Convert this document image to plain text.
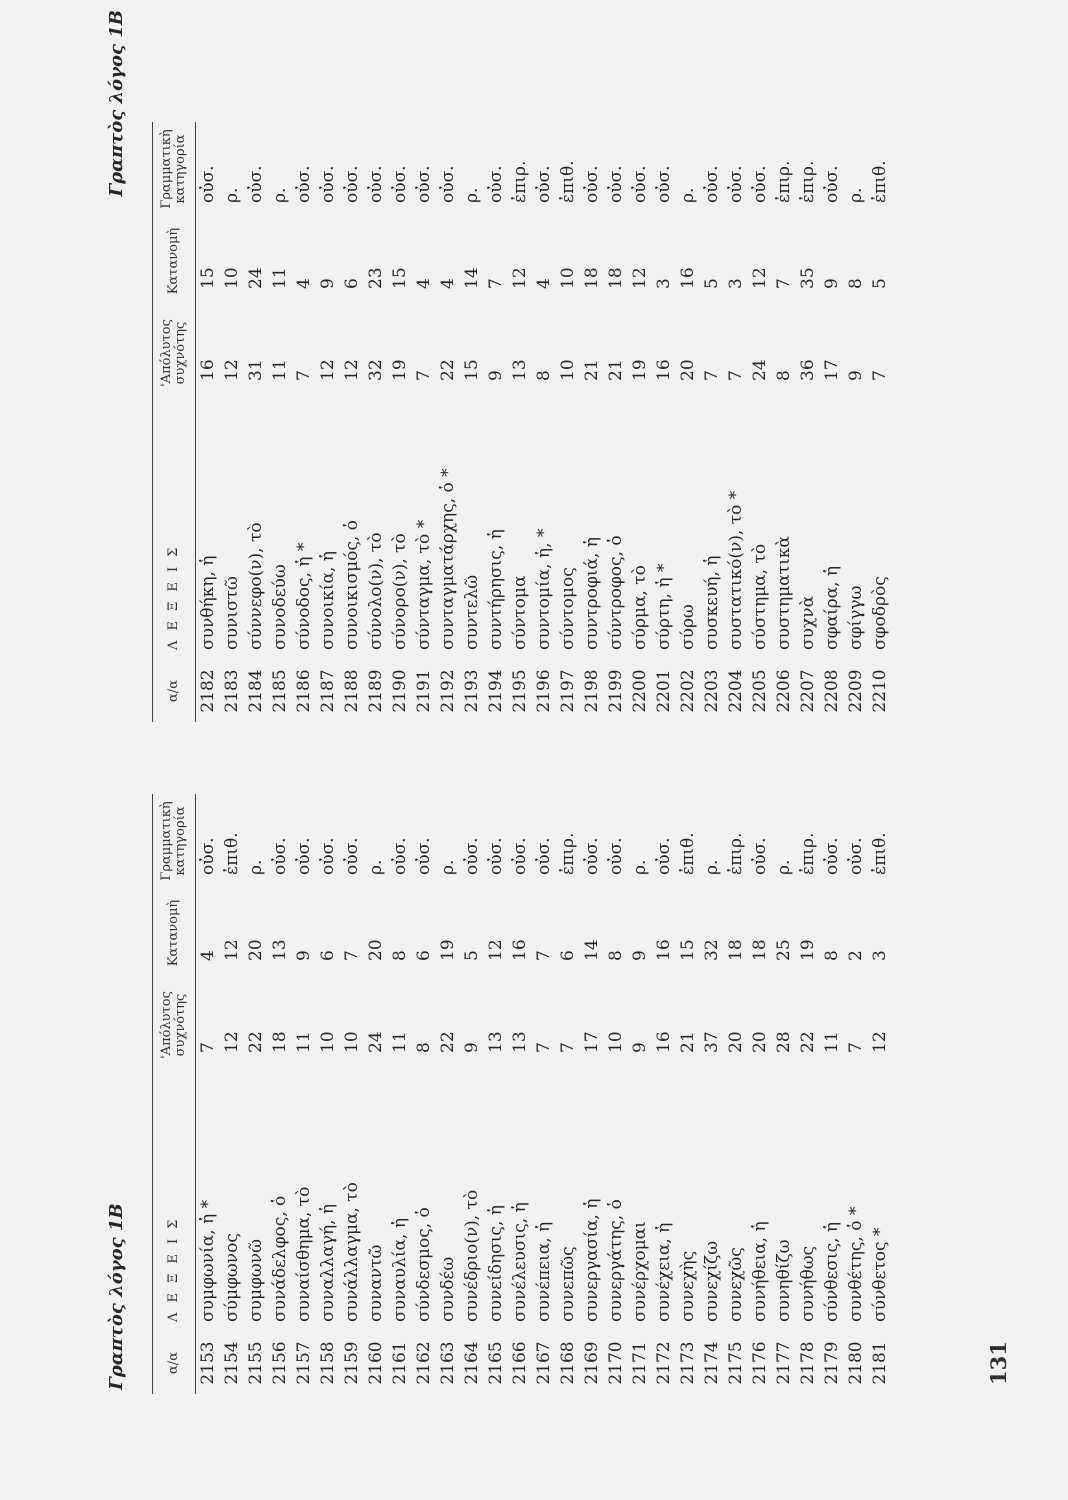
131
Γραπτὸς λόγος 1Β	α/α	Λ Ε Ξ Ε Ι Σ	'Απόλυτος συχνότης	Κατανομὴ	Γραμματικὴ κατηγορία
2153	συμφωνία, ἡ *	7	4	οὐσ.
2154	σύμφωνος	12	12	ἐπιθ.
2155	συμφωνῶ	22	20	ρ.
2156	συνάδελφος, ὁ	18	13	οὐσ.
2157	συναίσθημα, τὸ	11	9	οὐσ.
2158	συναλλαγή, ἡ	10	6	οὐσ.
2159	συνάλλαγμα, τὸ	10	7	οὐσ.
2160	συναντῶ	24	20	ρ.
2161	συναυλία, ἡ	11	8	οὐσ.
2162	σύνδεσμος, ὁ	8	6	οὐσ.
2163	συνδέω	22	19	ρ.
2164	συνέδριο(ν), τὸ	9	5	οὐσ.
2165	συνείδησις, ἡ	13	12	οὐσ.
2166	συνέλευσις, ἡ	13	16	οὐσ.
2167	συνέπεια, ἡ	7	7	οὐσ.
2168	συνεπῶς	7	6	ἐπιρ.
2169	συνεργασία, ἡ	17	14	οὐσ.
2170	συνεργάτης, ὁ	10	8	οὐσ.
2171	συνέρχομαι	9	9	ρ.
2172	συνέχεια, ἡ	16	16	οὐσ.
2173	συνεχὴς	21	15	ἐπιθ.
2174	συνεχίζω	37	32	ρ.
2175	συνεχῶς	20	18	ἐπιρ.
2176	συνήθεια, ἡ	20	18	οὐσ.
2177	συνηθίζω	28	25	ρ.
2178	συνήθως	22	19	ἐπιρ.
2179	σύνθεσις, ἡ	11	8	οὐσ.
2180	συνθέτης, ὁ *	7	2	οὐσ.
2181	σύνθετος *	12	3	ἐπιθ.
Γραπτὸς λόγος 1Β
α/α	Λ Ε Ξ Ε Ι Σ	'Απόλυτος συχνότης	Κατανομὴ	Γραμματικὴ κατηγορία
2182	συνθήκη, ἡ	16	15	οὐσ.
2183	συνιστῶ	12	10	ρ.
2184	σύννεφο(ν), τὸ	31	24	οὐσ.
2185	συνοδεύω	11	11	ρ.
2186	σύνοδος, ἡ *	7	4	οὐσ.
2187	συνοικία, ἡ	12	9	οὐσ.
2188	συνοικισμός, ὁ	12	6	οὐσ.
2189	σύνολο(ν), τὸ	32	23	οὐσ.
2190	σύνορο(ν), τὸ	19	15	οὐσ.
2191	σύνταγμα, τὸ *	7	4	οὐσ.
2192	συνταγματάρχης, ὁ *	22	4	οὐσ.
2193	συντελῶ	15	14	ρ.
2194	συντήρησις, ἡ	9	7	οὐσ.
2195	σύντομα	13	12	ἐπιρ.
2196	συντομία, ἡ, *	8	4	οὐσ.
2197	σύντομος	10	10	ἐπιθ.
2198	συντροφιά, ἡ	21	18	οὐσ.
2199	σύντροφος, ὁ	21	18	οὐσ.
2200	σύρμα, τὸ	19	12	οὐσ.
2201	σύρτη, ἡ *	16	3	οὐσ.
2202	σύρω	20	16	ρ.
2203	συσκευή, ἡ	7	5	οὐσ.
2204	συστατικό(ν), τὸ *	7	3	οὐσ.
2205	σύστημα, τὸ	24	12	οὐσ.
2206	συστηματικὰ	8	7	ἐπιρ.
2207	συχνὰ	36	35	ἐπιρ.
2208	σφαίρα, ἡ	17	9	οὐσ.
2209	σφίγγω	9	8	ρ.
2210	σφοδρὸς	7	5	ἐπιθ.
